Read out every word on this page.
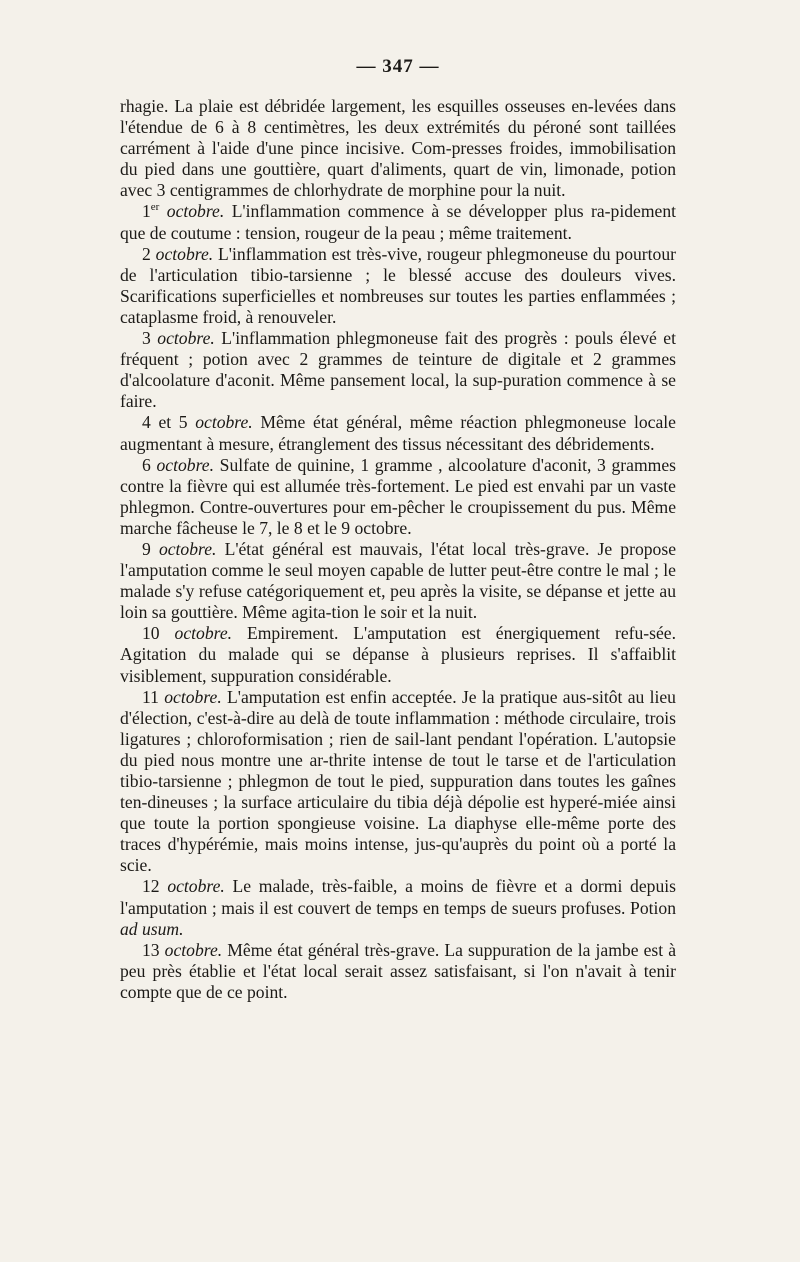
— 347 —

rhagie. La plaie est débridée largement, les esquilles osseuses en-levées dans l'étendue de 6 à 8 centimètres, les deux extrémités du péroné sont taillées carrément à l'aide d'une pince incisive. Com-presses froides, immobilisation du pied dans une gouttière, quart d'aliments, quart de vin, limonade, potion avec 3 centigrammes de chlorhydrate de morphine pour la nuit.

1er octobre. L'inflammation commence à se développer plus ra-pidement que de coutume : tension, rougeur de la peau ; même traitement.

2 octobre. L'inflammation est très-vive, rougeur phlegmoneuse du pourtour de l'articulation tibio-tarsienne ; le blessé accuse des douleurs vives. Scarifications superficielles et nombreuses sur toutes les parties enflammées ; cataplasme froid, à renouveler.

3 octobre. L'inflammation phlegmoneuse fait des progrès : pouls élevé et fréquent ; potion avec 2 grammes de teinture de digitale et 2 grammes d'alcoolature d'aconit. Même pansement local, la sup-puration commence à se faire.

4 et 5 octobre. Même état général, même réaction phlegmoneuse locale augmentant à mesure, étranglement des tissus nécessitant des débridements.

6 octobre. Sulfate de quinine, 1 gramme , alcoolature d'aconit, 3 grammes contre la fièvre qui est allumée très-fortement. Le pied est envahi par un vaste phlegmon. Contre-ouvertures pour em-pêcher le croupissement du pus. Même marche fâcheuse le 7, le 8 et le 9 octobre.

9 octobre. L'état général est mauvais, l'état local très-grave. Je propose l'amputation comme le seul moyen capable de lutter peut-être contre le mal ; le malade s'y refuse catégoriquement et, peu après la visite, se dépanse et jette au loin sa gouttière. Même agita-tion le soir et la nuit.

10 octobre. Empirement. L'amputation est énergiquement refu-sée. Agitation du malade qui se dépanse à plusieurs reprises. Il s'affaiblit visiblement, suppuration considérable.

11 octobre. L'amputation est enfin acceptée. Je la pratique aus-sitôt au lieu d'élection, c'est-à-dire au delà de toute inflammation : méthode circulaire, trois ligatures ; chloroformisation ; rien de sail-lant pendant l'opération. L'autopsie du pied nous montre une ar-thrite intense de tout le tarse et de l'articulation tibio-tarsienne ; phlegmon de tout le pied, suppuration dans toutes les gaînes ten-dineuses ; la surface articulaire du tibia déjà dépolie est hyperé-miée ainsi que toute la portion spongieuse voisine. La diaphyse elle-même porte des traces d'hypérémie, mais moins intense, jus-qu'auprès du point où a porté la scie.

12 octobre. Le malade, très-faible, a moins de fièvre et a dormi depuis l'amputation ; mais il est couvert de temps en temps de sueurs profuses. Potion ad usum.

13 octobre. Même état général très-grave. La suppuration de la jambe est à peu près établie et l'état local serait assez satisfaisant, si l'on n'avait à tenir compte que de ce point.
